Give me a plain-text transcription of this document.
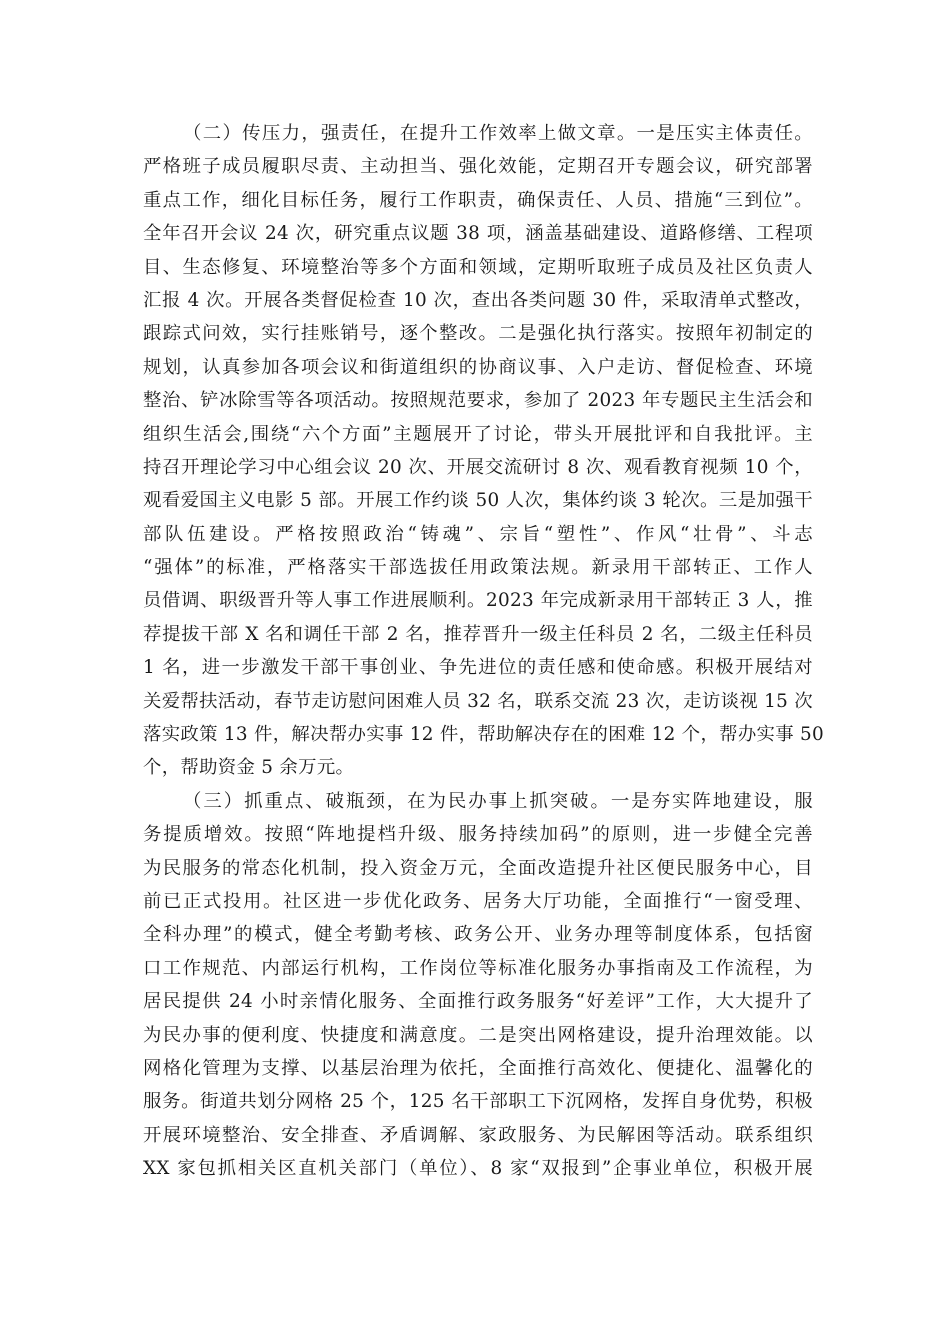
（二）传压力，强责任，在提升工作效率上做文章。一是压实主体责任。
严格班子成员履职尽责、主动担当、强化效能，定期召开专题会议，研究部署
重点工作，细化目标任务，履行工作职责，确保责任、人员、措施“三到位”。
全年召开会议 24 次，研究重点议题 38 项，涵盖基础建设、道路修缮、工程项
目、生态修复、环境整治等多个方面和领域，定期听取班子成员及社区负责人
汇报 4 次。开展各类督促检查 10 次，查出各类问题 30 件，采取清单式整改，
跟踪式问效，实行挂账销号，逐个整改。二是强化执行落实。按照年初制定的
规划，认真参加各项会议和街道组织的协商议事、入户走访、督促检查、环境
整治、铲冰除雪等各项活动。按照规范要求，参加了 2023 年专题民主生活会和
组织生活会,围绕“六个方面”主题展开了讨论，带头开展批评和自我批评。主
持召开理论学习中心组会议 20 次、开展交流研讨 8 次、观看教育视频 10 个，
观看爱国主义电影 5 部。开展工作约谈 50 人次，集体约谈 3 轮次。三是加强干
部队伍建设。严格按照政治“铸魂”、宗旨“塑性”、作风“壮骨”、斗志
“强体”的标准，严格落实干部选拔任用政策法规。新录用干部转正、工作人
员借调、职级晋升等人事工作进展顺利。2023 年完成新录用干部转正 3 人，推
荐提拔干部 X 名和调任干部 2 名，推荐晋升一级主任科员 2 名，二级主任科员
1 名，进一步激发干部干事创业、争先进位的责任感和使命感。积极开展结对
关爱帮扶活动，春节走访慰问困难人员 32 名，联系交流 23 次，走访谈视 15 次
落实政策 13 件，解决帮办实事 12 件，帮助解决存在的困难 12 个，帮办实事 50
个，帮助资金 5 余万元。
（三）抓重点、破瓶颈，在为民办事上抓突破。一是夯实阵地建设，服
务提质增效。按照“阵地提档升级、服务持续加码”的原则，进一步健全完善
为民服务的常态化机制，投入资金万元，全面改造提升社区便民服务中心，目
前已正式投用。社区进一步优化政务、居务大厅功能，全面推行“一窗受理、
全科办理”的模式，健全考勤考核、政务公开、业务办理等制度体系，包括窗
口工作规范、内部运行机构，工作岗位等标准化服务办事指南及工作流程，为
居民提供 24 小时亲情化服务、全面推行政务服务“好差评”工作，大大提升了
为民办事的便利度、快捷度和满意度。二是突出网格建设，提升治理效能。以
网格化管理为支撑、以基层治理为依托，全面推行高效化、便捷化、温馨化的
服务。街道共划分网格 25 个，125 名干部职工下沉网格，发挥自身优势，积极
开展环境整治、安全排查、矛盾调解、家政服务、为民解困等活动。联系组织
XX 家包抓相关区直机关部门（单位）、8 家“双报到”企事业单位，积极开展
